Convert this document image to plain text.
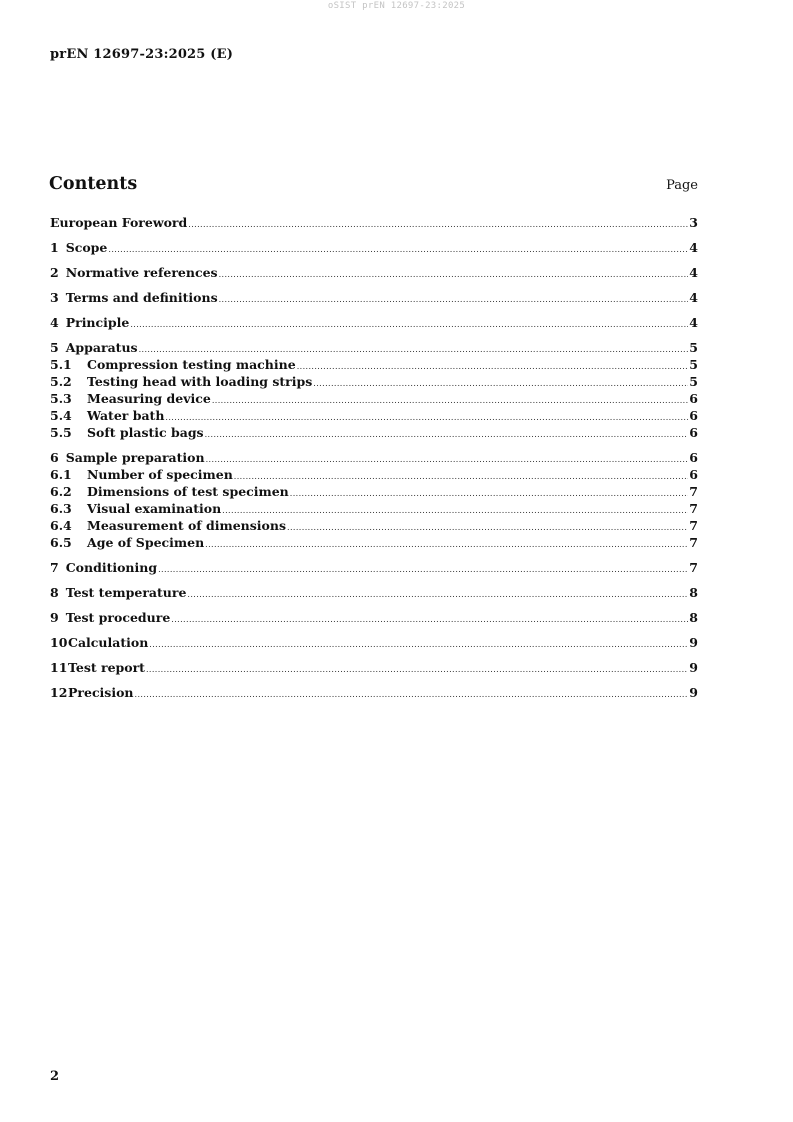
oSIST prEN 12697-23:2025
prEN 12697-23:2025 (E)
Contents	Page
European Foreword .....	3
1 Scope .....	4
2 Normative references .....	4
3 Terms and definitions .....	4
4 Principle .....	4
5 Apparatus .....	5
5.1	Compression testing machine .....	5
5.2	Testing head with loading strips .....	5
5.3	Measuring device .....	6
5.4	Water bath .....	6
5.5	Soft plastic bags .....	6
6 Sample preparation .....	6
6.1	Number of specimen .....	6
6.2	Dimensions of test specimen .....	7
6.3	Visual examination .....	7
6.4	Measurement of dimensions .....	7
6.5	Age of Specimen .....	7
7 Conditioning .....	7
8 Test temperature .....	8
9 Test procedure .....	8
10 Calculation .....	9
11 Test report .....	9
12 Precision .....	9
2
